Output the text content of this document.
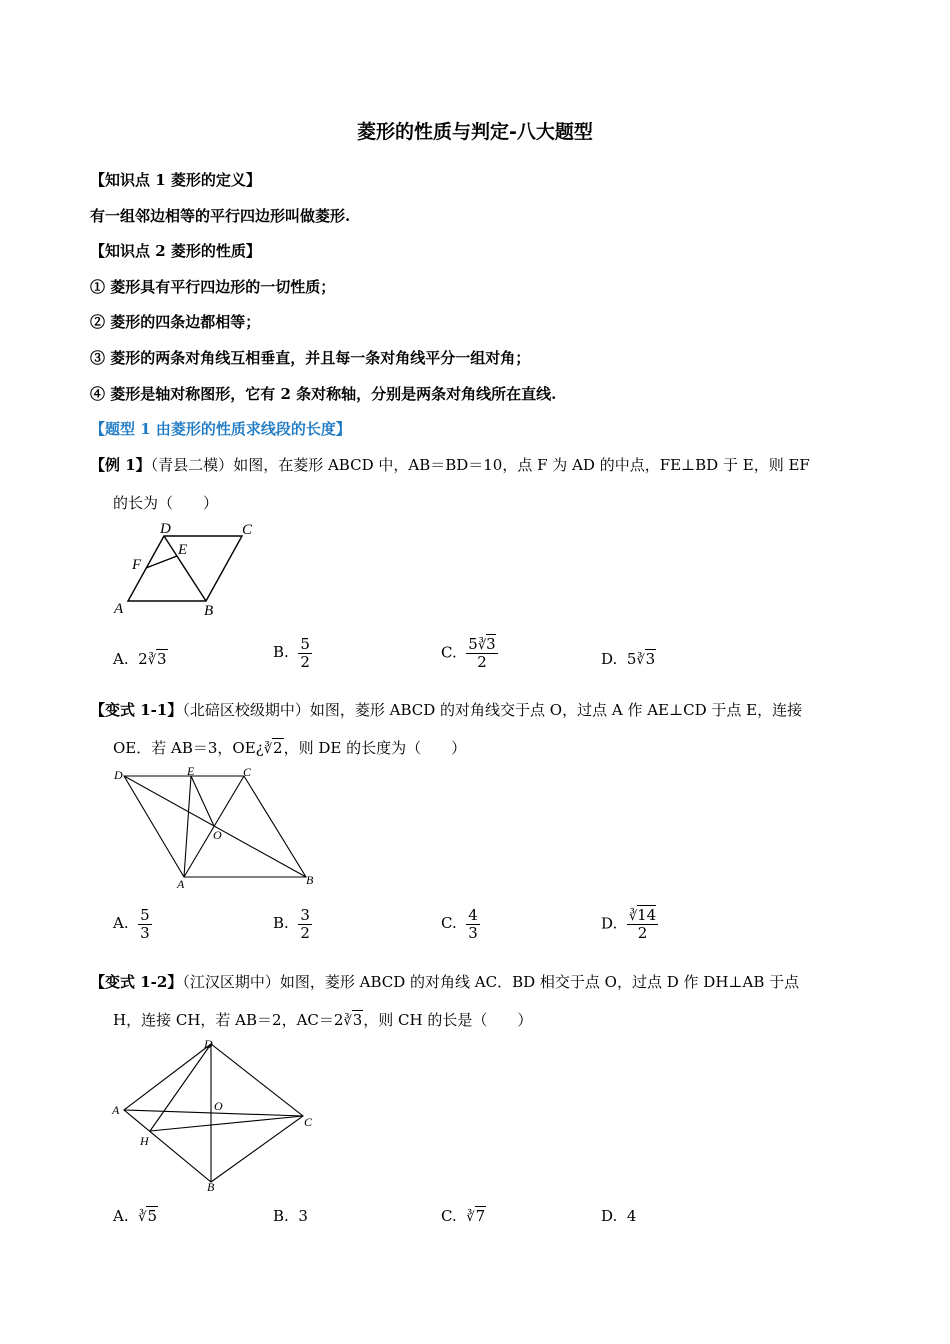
菱形的性质与判定-八大题型
【知识点 1 菱形的定义】
有一组邻边相等的平行四边形叫做菱形.
【知识点 2 菱形的性质】
① 菱形具有平行四边形的一切性质；
② 菱形的四条边都相等；
③ 菱形的两条对角线互相垂直，并且每一条对角线平分一组对角；
④ 菱形是轴对称图形，它有 2 条对称轴，分别是两条对角线所在直线.
【题型 1 由菱形的性质求线段的长度】
【例 1】（青县二模）如图，在菱形 ABCD 中，AB＝BD＝10，点 F 为 AD 的中点，FE⊥BD 于 E，则 EF
的长为（　　）
A	B
C
D
E
F
A. 2∛3	B. $\frac{5}{2}$	C. $\frac{5∛3}{2}$	D. 5∛3
【变式 1-1】（北碚区校级期中）如图，菱形 ABCD 的对角线交于点 O，过点 A 作 AE⊥CD 于点 E，连接
OE．若 AB＝3，OE¿∛2，则 DE 的长度为（　　）
D	E	C
O
A	B
A. $\frac{5}{3}$	B. $\frac{3}{2}$	C. $\frac{4}{3}$	D. $\frac{∛14}{2}$
【变式 1-2】（江汉区期中）如图，菱形 ABCD 的对角线 AC．BD 相交于点 O，过点 D 作 DH⊥AB 于点
H，连接 CH，若 AB＝2，AC＝2∛3，则 CH 的长是（　　）
D
A	O
C
H
B
A. ∛5	B. 3	C. ∛7	D. 4
